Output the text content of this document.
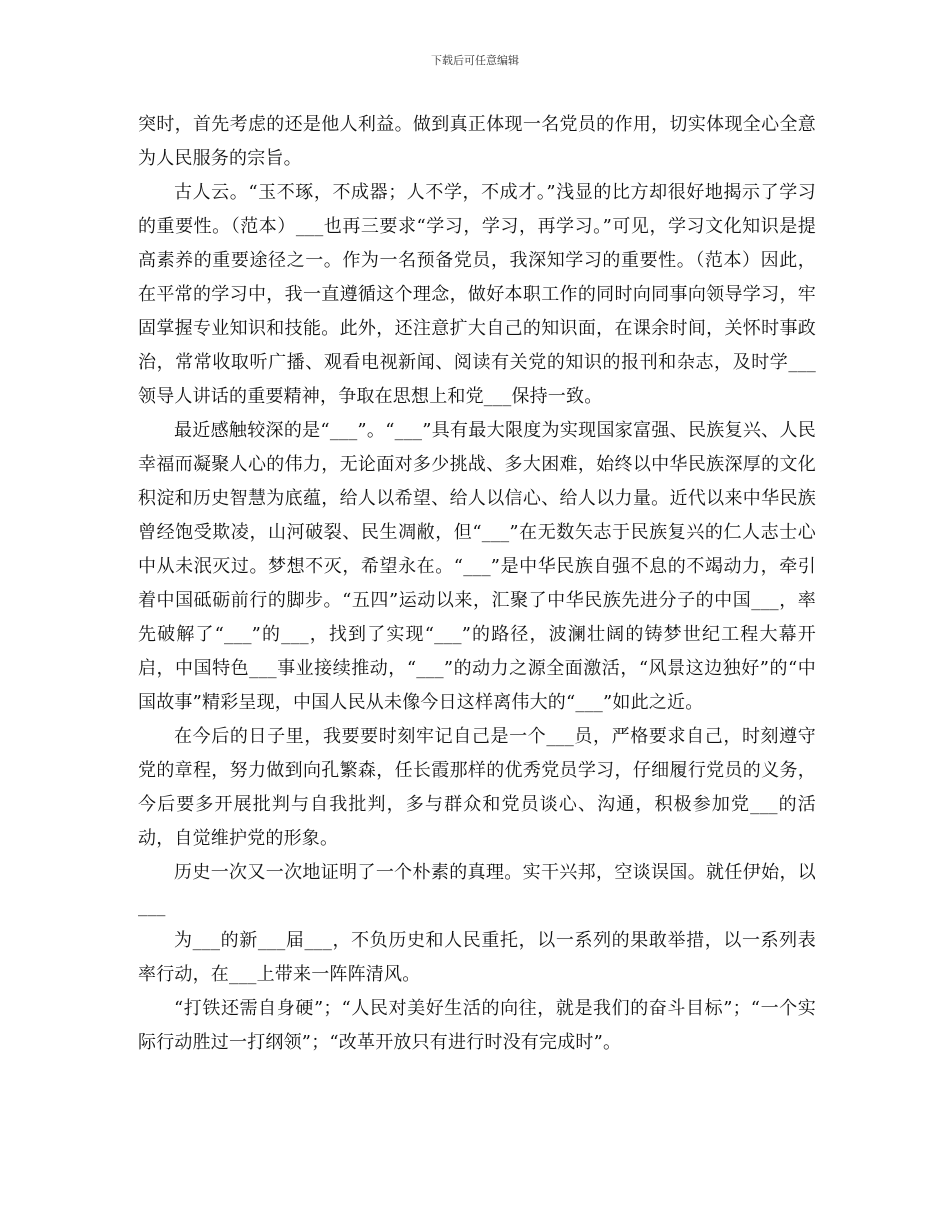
下载后可任意编辑

突时，首先考虑的还是他人利益。做到真正体现一名党员的作用，切实体现全心全意为人民服务的宗旨。

古人云。“玉不琢，不成器；人不学，不成才。”浅显的比方却很好地揭示了学习的重要性。（范本）___也再三要求“学习，学习，再学习。”可见，学习文化知识是提高素养的重要途径之一。作为一名预备党员，我深知学习的重要性。（范本）因此，在平常的学习中，我一直遵循这个理念，做好本职工作的同时向同事向领导学习，牢固掌握专业知识和技能。此外，还注意扩大自己的知识面，在课余时间，关怀时事政治，常常收取听广播、观看电视新闻、阅读有关党的知识的报刊和杂志，及时学___领导人讲话的重要精神，争取在思想上和党___保持一致。

最近感触较深的是“___”。“___”具有最大限度为实现国家富强、民族复兴、人民幸福而凝聚人心的伟力，无论面对多少挑战、多大困难，始终以中华民族深厚的文化积淀和历史智慧为底蕴，给人以希望、给人以信心、给人以力量。近代以来中华民族曾经饱受欺凌，山河破裂、民生凋敝，但“___”在无数矢志于民族复兴的仁人志士心中从未泯灭过。梦想不灭，希望永在。“___”是中华民族自强不息的不竭动力，牵引着中国砥砺前行的脚步。“五四”运动以来，汇聚了中华民族先进分子的中国___，率先破解了“___”的___，找到了实现“___”的路径，波澜壮阔的铸梦世纪工程大幕开启，中国特色___事业接续推动，“___”的动力之源全面激活，“风景这边独好”的“中国故事”精彩呈现，中国人民从未像今日这样离伟大的“___”如此之近。

在今后的日子里，我要要时刻牢记自己是一个___员，严格要求自己，时刻遵守党的章程，努力做到向孔繁森，任长霞那样的优秀党员学习，仔细履行党员的义务，今后要多开展批判与自我批判，多与群众和党员谈心、沟通，积极参加党___的活动，自觉维护党的形象。

历史一次又一次地证明了一个朴素的真理。实干兴邦，空谈误国。就任伊始，以___

为___的新___届___，不负历史和人民重托，以一系列的果敢举措，以一系列表率行动，在___上带来一阵阵清风。

“打铁还需自身硬”；“人民对美好生活的向往，就是我们的奋斗目标”；“一个实际行动胜过一打纲领”；“改革开放只有进行时没有完成时”。
